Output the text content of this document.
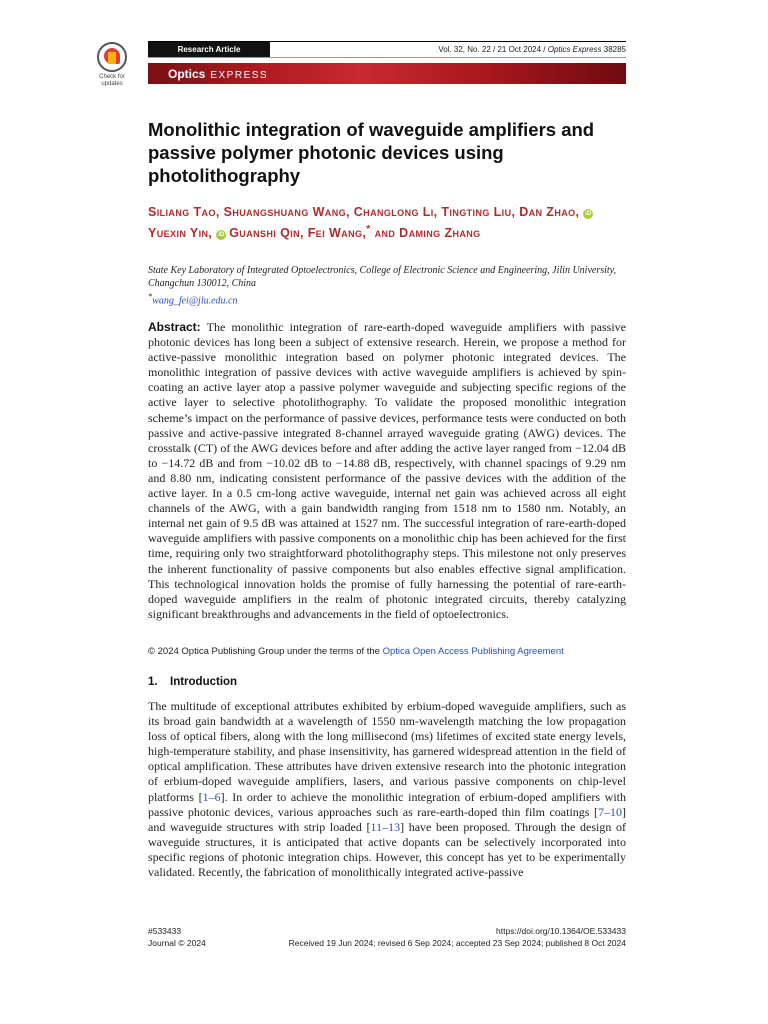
Check for
updates
Research Article	Vol. 32, No. 22 / 21 Oct 2024 / Optics Express 38285
Optics EXPRESS
Monolithic integration of waveguide amplifiers and passive polymer photonic devices using photolithography
Siliang Tao, Shuangshuang Wang, Changlong Li, Tingting Liu, Dan Zhao, iDYuexin Yin, iD Guanshi Qin, Fei Wang,* and Daming Zhang
State Key Laboratory of Integrated Optoelectronics, College of Electronic Science and Engineering, Jilin University, Changchun 130012, China
*wang_fei@jlu.edu.cn
Abstract: The monolithic integration of rare-earth-doped waveguide amplifiers with passive photonic devices has long been a subject of extensive research. Herein, we propose a method for active-passive monolithic integration based on polymer photonic integrated devices. The monolithic integration of passive devices with active waveguide amplifiers is achieved by spin-coating an active layer atop a passive polymer waveguide and subjecting specific regions of the active layer to selective photolithography. To validate the proposed monolithic integration scheme’s impact on the performance of passive devices, performance tests were conducted on both passive and active-passive integrated 8-channel arrayed waveguide grating (AWG) devices. The crosstalk (CT) of the AWG devices before and after adding the active layer ranged from −12.04 dB to −14.72 dB and from −10.02 dB to −14.88 dB, respectively, with channel spacings of 9.29 nm and 8.80 nm, indicating consistent performance of the passive devices with the addition of the active layer. In a 0.5 cm-long active waveguide, internal net gain was achieved across all eight channels of the AWG, with a gain bandwidth ranging from 1518 nm to 1580 nm. Notably, an internal net gain of 9.5 dB was attained at 1527 nm. The successful integration of rare-earth-doped waveguide amplifiers with passive components on a monolithic chip has been achieved for the first time, requiring only two straightforward photolithography steps. This milestone not only preserves the inherent functionality of passive components but also enables effective signal amplification. This technological innovation holds the promise of fully harnessing the potential of rare-earth-doped waveguide amplifiers in the realm of photonic integrated circuits, thereby catalyzing significant breakthroughs and advancements in the field of optoelectronics.
© 2024 Optica Publishing Group under the terms of the Optica Open Access Publishing Agreement
1. Introduction
The multitude of exceptional attributes exhibited by erbium-doped waveguide amplifiers, such as its broad gain bandwidth at a wavelength of 1550 nm-wavelength matching the low propagation loss of optical fibers, along with the long millisecond (ms) lifetimes of excited state energy levels, high-temperature stability, and phase insensitivity, has garnered widespread attention in the field of optical amplification. These attributes have driven extensive research into the photonic integration of erbium-doped waveguide amplifiers, lasers, and various passive components on chip-level platforms [1–6]. In order to achieve the monolithic integration of erbium-doped amplifiers with passive photonic devices, various approaches such as rare-earth-doped thin film coatings [7–10] and waveguide structures with strip loaded [11–13] have been proposed. Through the design of waveguide structures, it is anticipated that active dopants can be selectively incorporated into specific regions of photonic integration chips. However, this concept has yet to be experimentally validated. Recently, the fabrication of monolithically integrated active-passive
#533433
Journal © 2024
https://doi.org/10.1364/OE.533433
Received 19 Jun 2024; revised 6 Sep 2024; accepted 23 Sep 2024; published 8 Oct 2024
